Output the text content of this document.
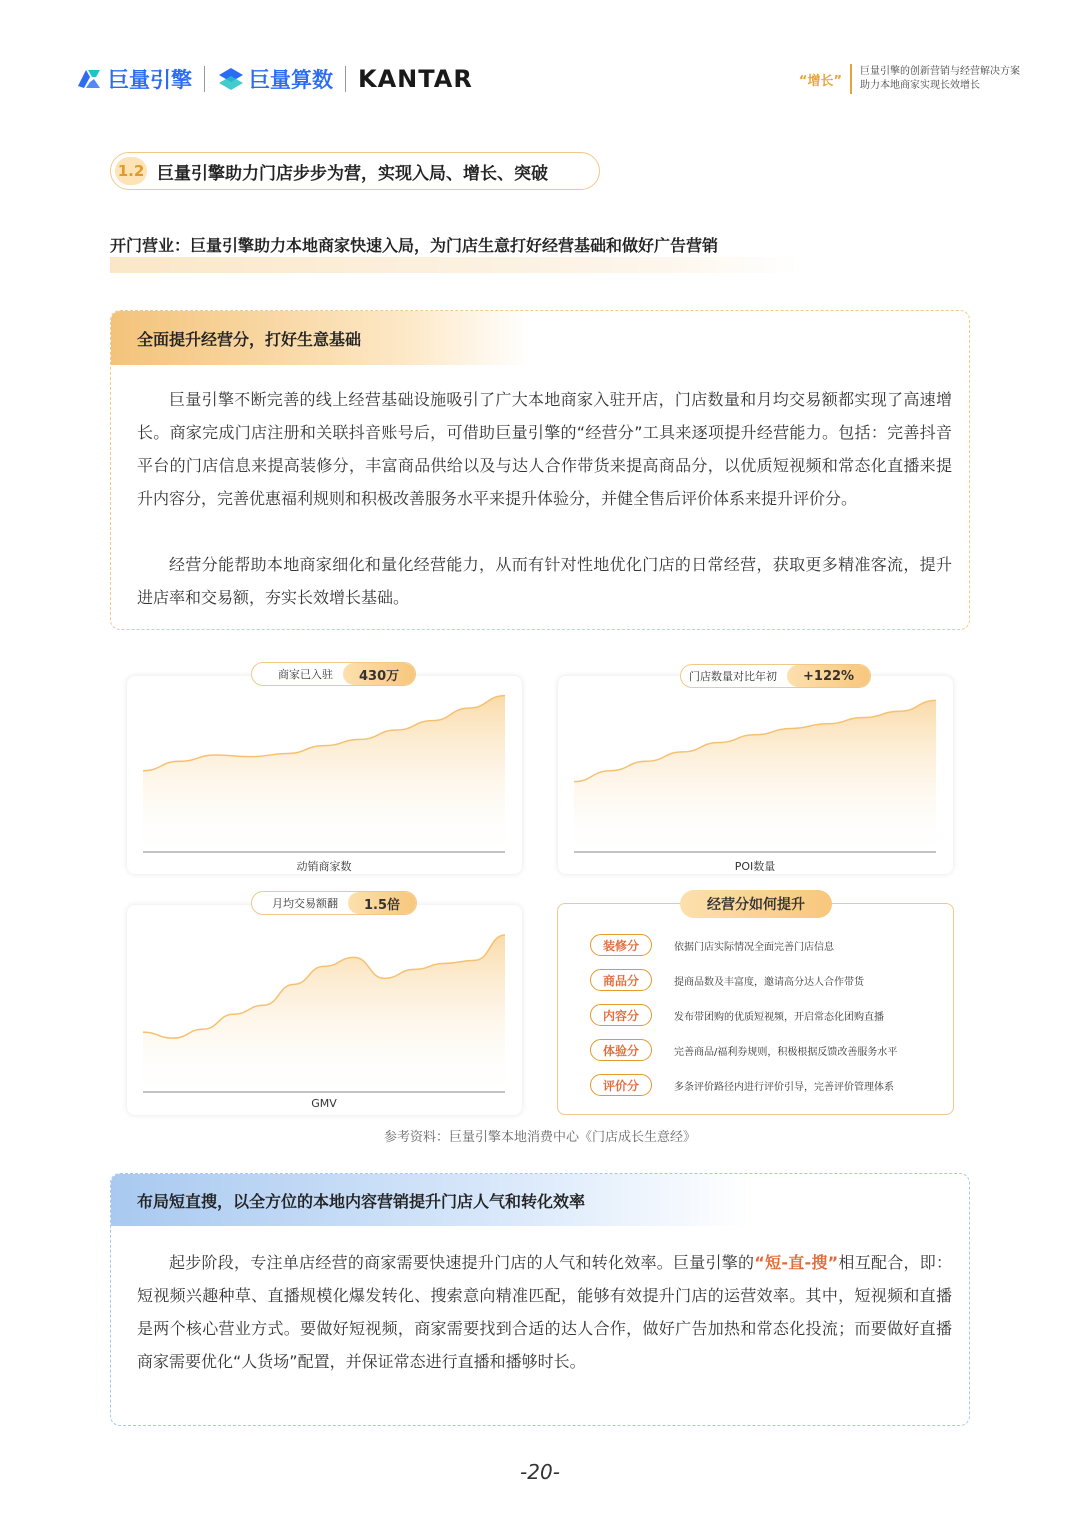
巨量引擎	巨量算数 KANTAR	“增长”
巨量引擎的创新营销与经营解决方案
助力本地商家实现长效增长
1.2 巨量引擎助力门店步步为营，实现入局、增长、突破
开门营业：巨量引擎助力本地商家快速入局，为门店生意打好经营基础和做好广告营销
全面提升经营分，打好生意基础

巨量引擎不断完善的线上经营基础设施吸引了广大本地商家入驻开店，门店数量和月均交易额都实现了高速增长。商家完成门店注册和关联抖音账号后，可借助巨量引擎的“经营分”工具来逐项提升经营能力。包括：完善抖音平台的门店信息来提高装修分，丰富商品供给以及与达人合作带货来提高商品分，以优质短视频和常态化直播来提升内容分，完善优惠福利规则和积极改善服务水平来提升体验分，并健全售后评价体系来提升评价分。

经营分能帮助本地商家细化和量化经营能力，从而有针对性地优化门店的日常经营，获取更多精准客流，提升进店率和交易额，夯实长效增长基础。

商家已入驻	430万	门店数量对比年初	+122%
月均交易额翻	1.5倍
动销商家数	POI数量
GMV
经营分如何提升
装修分	依据门店实际情况全面完善门店信息
商品分	提商品数及丰富度，邀请高分达人合作带货
内容分	发布带团购的优质短视频，开启常态化团购直播
体验分	完善商品/福利券规则，积极根据反馈改善服务水平
评价分	多条评价路径内进行评价引导，完善评价管理体系
参考资料：巨量引擎本地消费中心《门店成长生意经》
布局短直搜，以全方位的本地内容营销提升门店人气和转化效率

起步阶段，专注单店经营的商家需要快速提升门店的人气和转化效率。巨量引擎的“短-直-搜”相互配合，即：短视频兴趣种草、直播规模化爆发转化、搜索意向精准匹配，能够有效提升门店的运营效率。其中，短视频和直播是两个核心营业方式。要做好短视频，商家需要找到合适的达人合作，做好广告加热和常态化投流；而要做好直播商家需要优化“人货场”配置，并保证常态进行直播和播够时长。

-20-
